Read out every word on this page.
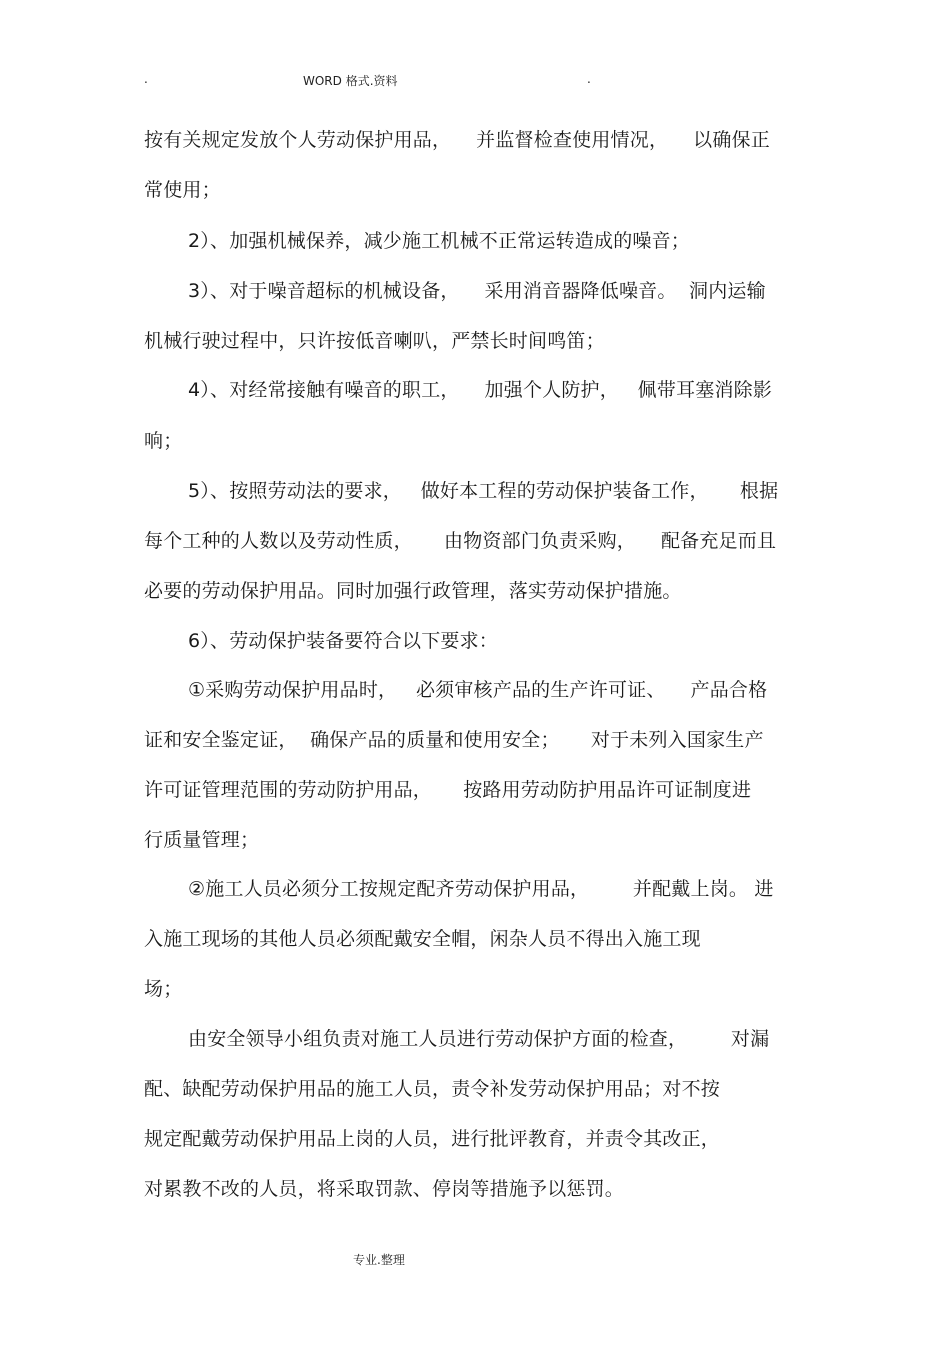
.	WORD 格式.资料	.
按有关规定发放个人劳动保护用品，    并监督检查使用情况，    以确保正
常使用；
2）、加强机械保养，减少施工机械不正常运转造成的噪音；
3）、对于噪音超标的机械设备，    采用消音器降低噪音。  洞内运输
机械行驶过程中，只许按低音喇叭，严禁长时间鸣笛；
4）、对经常接触有噪音的职工，    加强个人防护，   佩带耳塞消除影
响；
5）、按照劳动法的要求，   做好本工程的劳动保护装备工作，     根据
每个工种的人数以及劳动性质，     由物资部门负责采购，    配备充足而且
必要的劳动保护用品。同时加强行政管理，落实劳动保护措施。
6）、劳动保护装备要符合以下要求：
①采购劳动保护用品时，   必须审核产品的生产许可证、    产品合格
证和安全鉴定证，  确保产品的质量和使用安全；     对于未列入国家生产
许可证管理范围的劳动防护用品，     按路用劳动防护用品许可证制度进
行质量管理；
②施工人员必须分工按规定配齐劳动保护用品，       并配戴上岗。 进
入施工现场的其他人员必须配戴安全帽，闲杂人员不得出入施工现
场；
由安全领导小组负责对施工人员进行劳动保护方面的检查，       对漏
配、缺配劳动保护用品的施工人员，责令补发劳动保护用品；对不按
规定配戴劳动保护用品上岗的人员，进行批评教育，并责令其改正，
对累教不改的人员，将采取罚款、停岗等措施予以惩罚。
专业.整理
